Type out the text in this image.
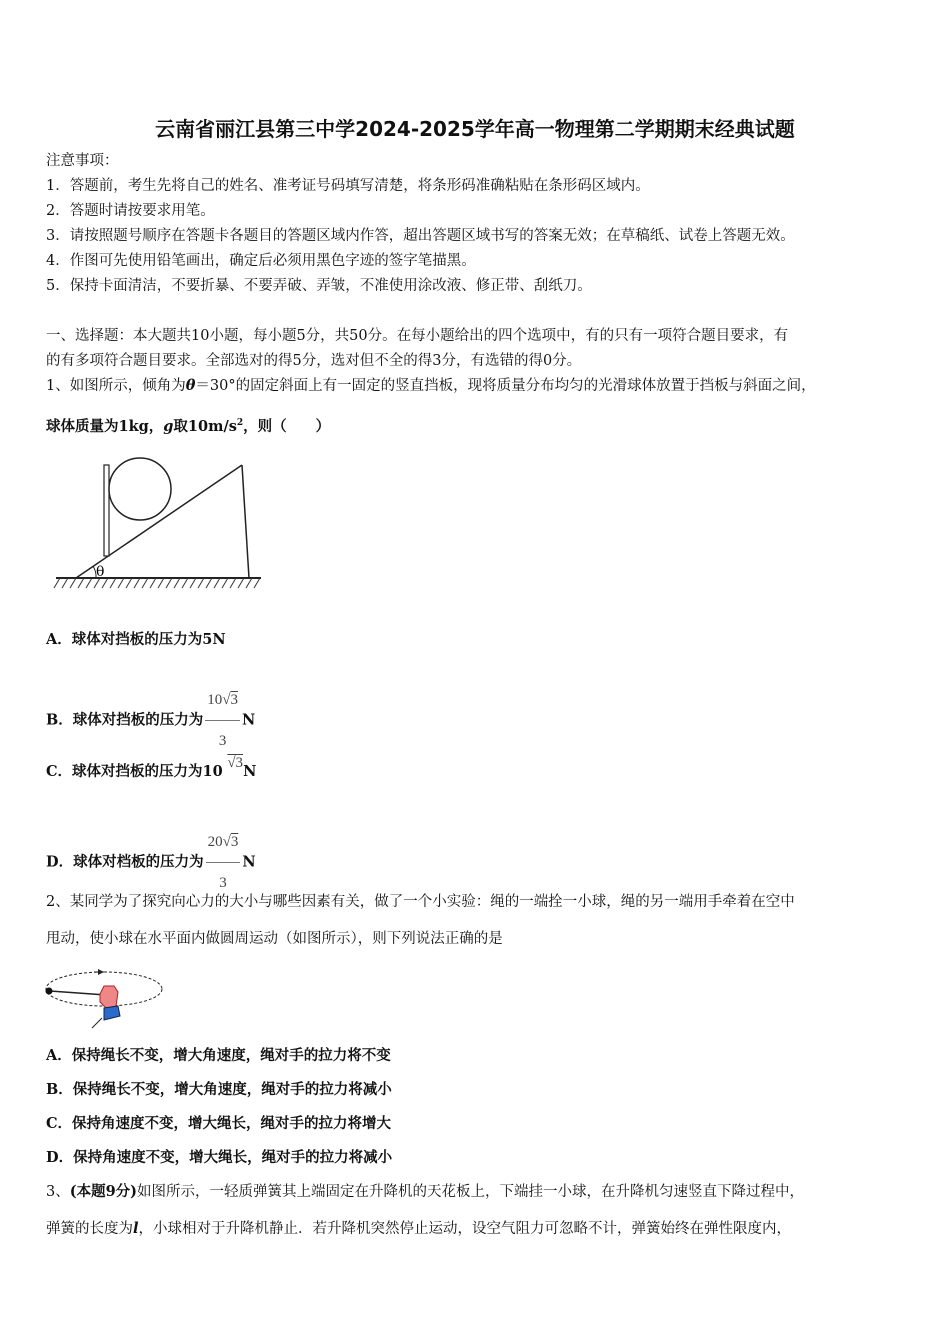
云南省丽江县第三中学2024-2025学年高一物理第二学期期末经典试题
注意事项：
1．答题前，考生先将自己的姓名、准考证号码填写清楚，将条形码准确粘贴在条形码区域内。
2．答题时请按要求用笔。
3．请按照题号顺序在答题卡各题目的答题区域内作答，超出答题区域书写的答案无效；在草稿纸、试卷上答题无效。
4．作图可先使用铅笔画出，确定后必须用黑色字迹的签字笔描黑。
5．保持卡面清洁，不要折暴、不要弄破、弄皱，不准使用涂改液、修正带、刮纸刀。
一、选择题：本大题共10小题，每小题5分，共50分。在每小题给出的四个选项中，有的只有一项符合题目要求，有
的有多项符合题目要求。全部选对的得5分，选对但不全的得3分，有选错的得0分。
1、如图所示，倾角为θ＝30°的固定斜面上有一固定的竖直挡板，现将质量分布均匀的光滑球体放置于挡板与斜面之间，
球体质量为1kg，g取$10m/s^2$，则（　　）
θ
A．球体对挡板的压力为5N
B．球体对挡板的压力为 $\frac{10√3}{3}$ N
C．球体对挡板的压力为10 √3N
D．球体对档板的压力为 $\frac{20√3}{3}$ N
2、某同学为了探究向心力的大小与哪些因素有关，做了一个小实验：绳的一端拴一小球，绳的另一端用手牵着在空中
甩动，使小球在水平面内做圆周运动（如图所示），则下列说法正确的是
A．保持绳长不变，增大角速度，绳对手的拉力将不变
B．保持绳长不变，增大角速度，绳对手的拉力将减小
C．保持角速度不变，增大绳长，绳对手的拉力将增大
D．保持角速度不变，增大绳长，绳对手的拉力将减小
3、(本题9分)如图所示，一轻质弹簧其上端固定在升降机的天花板上，下端挂一小球，在升降机匀速竖直下降过程中，
弹簧的长度为l，小球相对于升降机静止．若升降机突然停止运动，设空气阻力可忽略不计，弹簧始终在弹性限度内，
